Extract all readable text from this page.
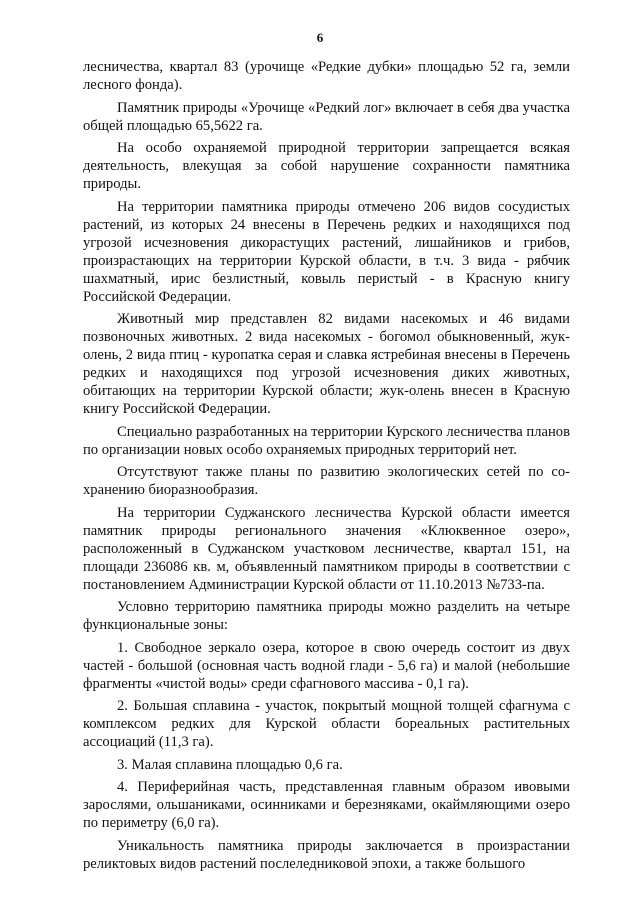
6

лесничества, квартал 83 (урочище «Редкие дубки» площадью 52 га, земли лесного фонда).

Памятник природы «Урочище «Редкий лог» включает в себя два участка общей площадью 65,5622 га.

На особо охраняемой природной территории запрещается всякая деятельность, влекущая за собой нарушение сохранности памятника природы.

На территории памятника природы отмечено 206 видов сосудистых растений, из которых 24 внесены в Перечень редких и находящихся под угрозой исчезновения дикорастущих растений, лишайников и грибов, произрастающих на территории Курской области, в т.ч. 3 вида - рябчик шахматный, ирис безлистный, ковыль перистый - в Красную книгу Российской Федерации.

Животный мир представлен 82 видами насекомых и 46 видами позвоночных животных. 2 вида насекомых - богомол обыкновенный, жук-олень, 2 вида птиц - куропатка серая и славка ястребиная внесены в Перечень редких и находящихся под угрозой исчезновения диких животных, обитающих на территории Курской области; жук-олень внесен в Красную книгу Российской Федерации.

Специально разработанных на территории Курского лесничества планов по организации новых особо охраняемых природных территорий нет.

Отсутствуют также планы по развитию экологических сетей по со-хранению биоразнообразия.

На территории Суджанского лесничества Курской области имеется памятник природы регионального значения «Клюквенное озеро», расположенный в Суджанском участковом лесничестве, квартал 151, на площади 236086 кв. м, объявленный памятником природы в соответствии с постановлением Администрации Курской области от 11.10.2013 №733-па.

Условно территорию памятника природы можно разделить на четыре функциональные зоны:

1. Свободное зеркало озера, которое в свою очередь состоит из двух частей - большой (основная часть водной глади - 5,6 га) и малой (небольшие фрагменты «чистой воды» среди сфагнового массива - 0,1 га).

2. Большая сплавина - участок, покрытый мощной толщей сфагнума с комплексом редких для Курской области бореальных растительных ассоциаций (11,3 га).

3. Малая сплавина площадью 0,6 га.

4. Периферийная часть, представленная главным образом ивовыми зарослями, ольшаниками, осинниками и березняками, окаймляющими озеро по периметру (6,0 га).

Уникальность памятника природы заключается в произрастании реликтовых видов растений послеледниковой эпохи, а также большого
